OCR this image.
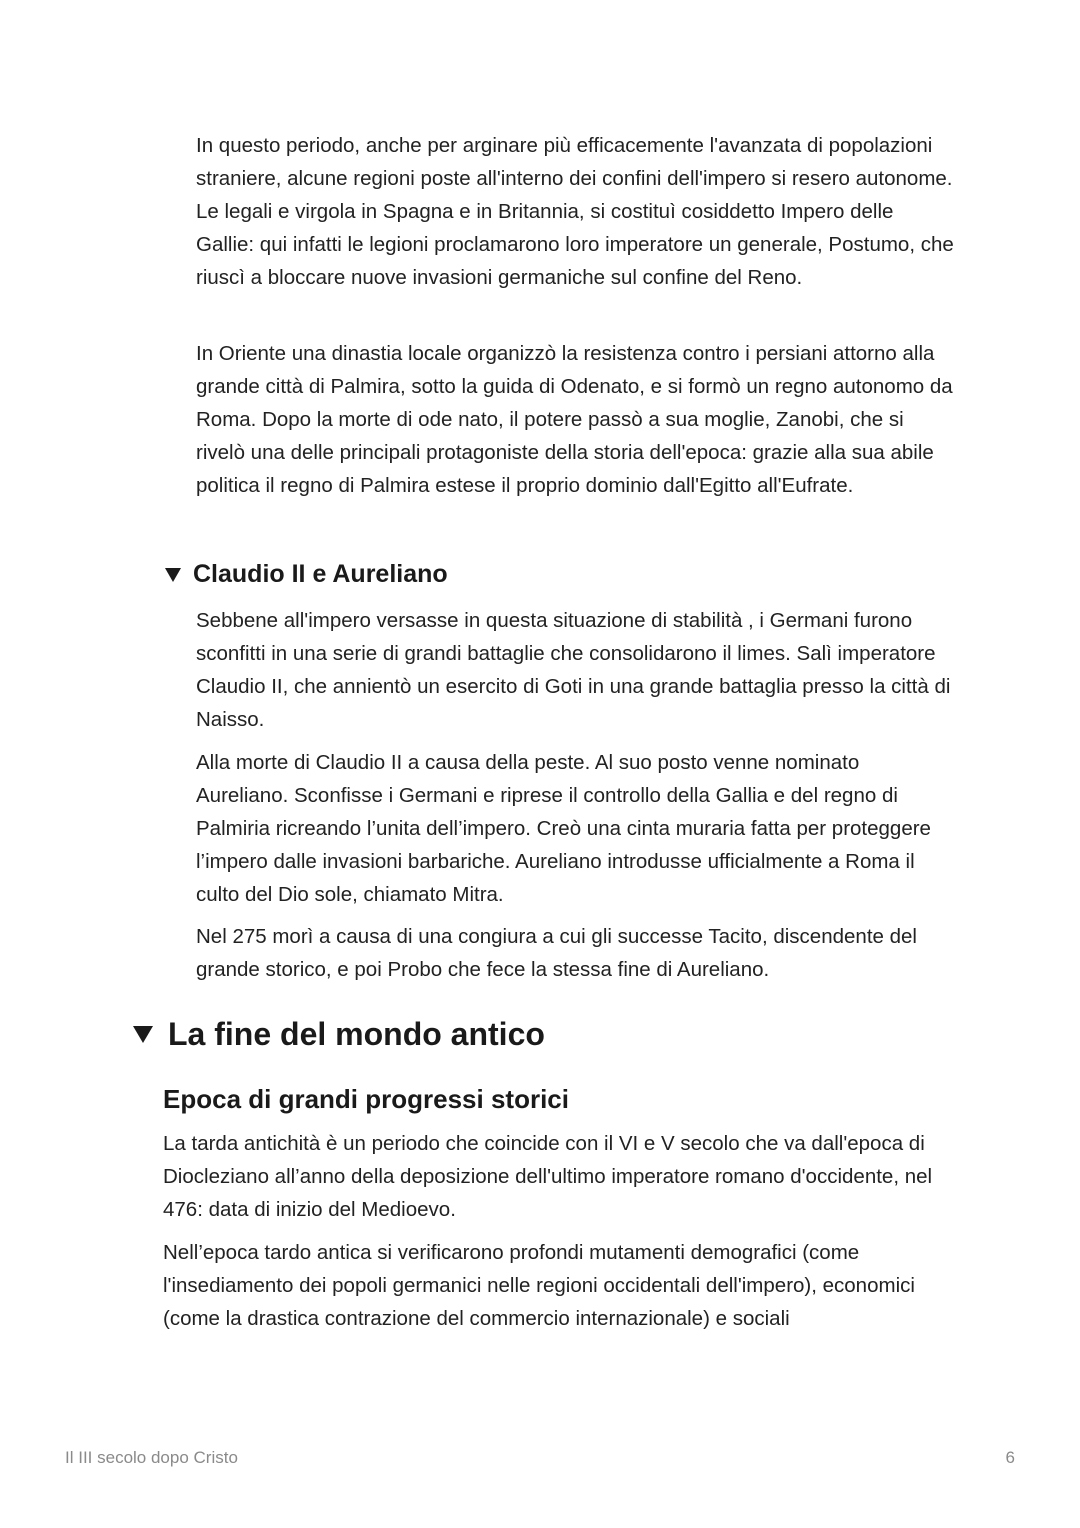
In questo periodo, anche per arginare più efficacemente l'avanzata di popolazioni straniere, alcune regioni poste all'interno dei confini dell'impero si resero autonome. Le legali e virgola in Spagna e in Britannia, si costituì cosiddetto Impero delle Gallie: qui infatti le legioni proclamarono loro imperatore un generale, Postumo, che riuscì a bloccare nuove invasioni germaniche sul confine del Reno.

In Oriente una dinastia locale organizzò la resistenza contro i persiani attorno alla grande città di Palmira, sotto la guida di Odenato, e si formò un regno autonomo da Roma. Dopo la morte di ode nato, il potere passò a sua moglie, Zanobi, che si rivelò una delle principali protagoniste della storia dell'epoca: grazie alla sua abile politica il regno di Palmira estese il proprio dominio dall'Egitto all'Eufrate.

Claudio II e Aureliano

Sebbene all'impero versasse in questa situazione di stabilità , i Germani furono sconfitti in una serie di grandi battaglie che consolidarono il limes. Salì imperatore Claudio II, che annientò un esercito di Goti in una grande battaglia presso la città di Naisso.

Alla morte di Claudio II a causa della peste. Al suo posto venne nominato Aureliano. Sconfisse i Germani e riprese il controllo della Gallia e del regno di Palmiria ricreando l’unita dell’impero. Creò una cinta muraria fatta per proteggere l’impero dalle invasioni barbariche. Aureliano introdusse ufficialmente a Roma il culto del Dio sole, chiamato Mitra.

Nel 275 morì a causa di una congiura a cui gli successe Tacito, discendente del grande storico, e poi Probo che fece la stessa fine di Aureliano.

La fine del mondo antico
Epoca di grandi progressi storici

La tarda antichità è un periodo che coincide con il VI e V secolo che va dall'epoca di Diocleziano all’anno della deposizione dell'ultimo imperatore romano d'occidente, nel 476: data di inizio del Medioevo.

Nell’epoca tardo antica si verificarono profondi mutamenti demografici (come l'insediamento dei popoli germanici nelle regioni occidentali dell'impero), economici (come la drastica contrazione del commercio internazionale) e sociali

Il III secolo dopo Cristo	6
